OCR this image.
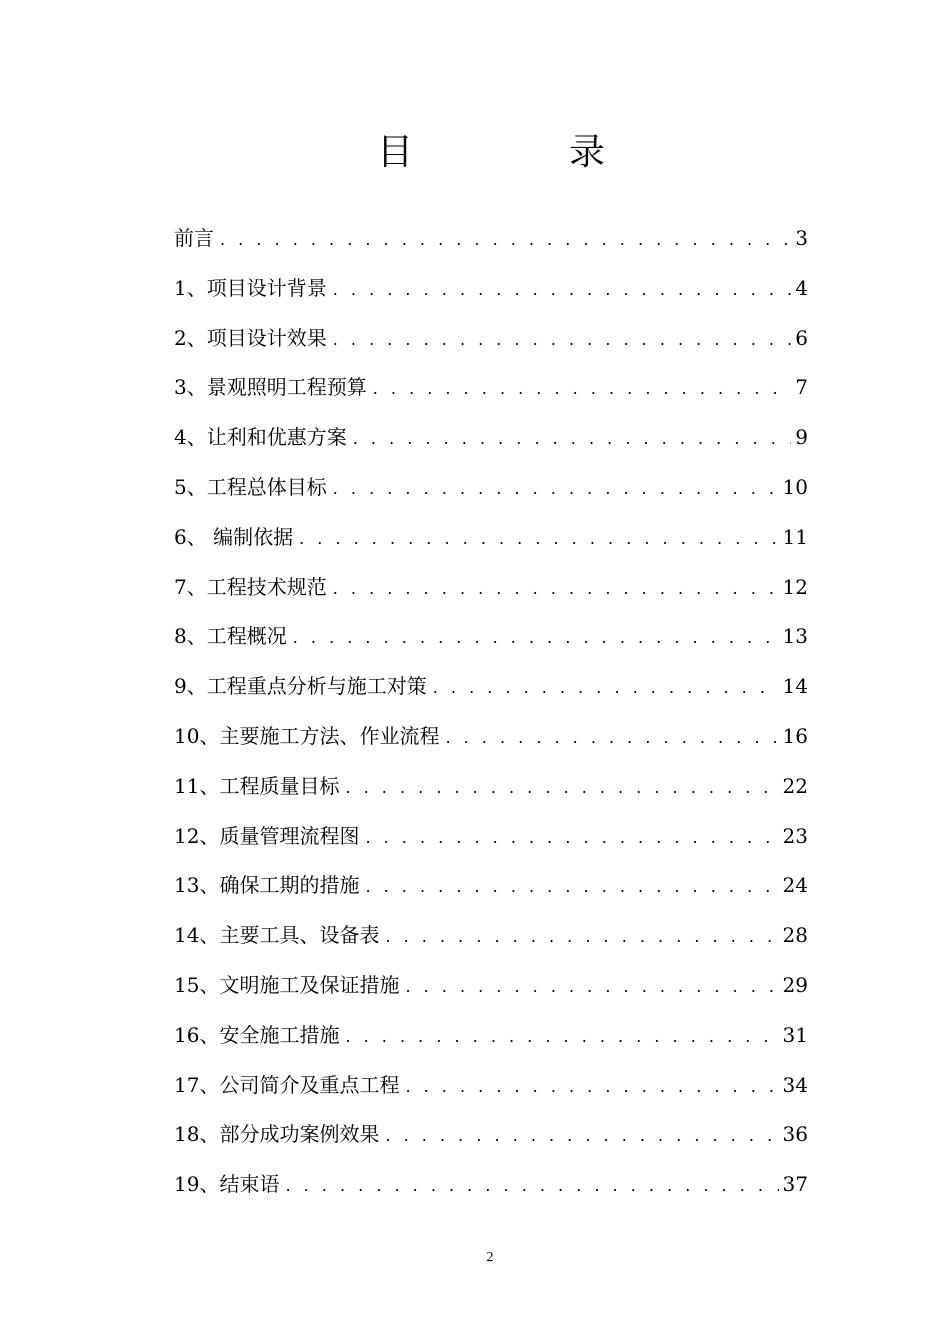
目	录
前言 . . .	3
1、项目设计背景 . . .	4
2、项目设计效果 . . .	6
3、景观照明工程预算 . . .	7
4、让利和优惠方案 . . .	9
5、工程总体目标 . . .	10
6、 编制依据 . . .	11
7、工程技术规范 . . .	12
8、工程概况 . . .	13
9、工程重点分析与施工对策 . . .	14
10、主要施工方法、作业流程 . . .	16
11、工程质量目标 . . .	22
12、质量管理流程图 . . .	23
13、确保工期的措施 . . .	24
14、主要工具、设备表 . . .	28
15、文明施工及保证措施 . . .	29
16、安全施工措施 . . .	31
17、公司简介及重点工程 . . .	34
18、部分成功案例效果 . . .	36
19、结束语 . . .	37
2
